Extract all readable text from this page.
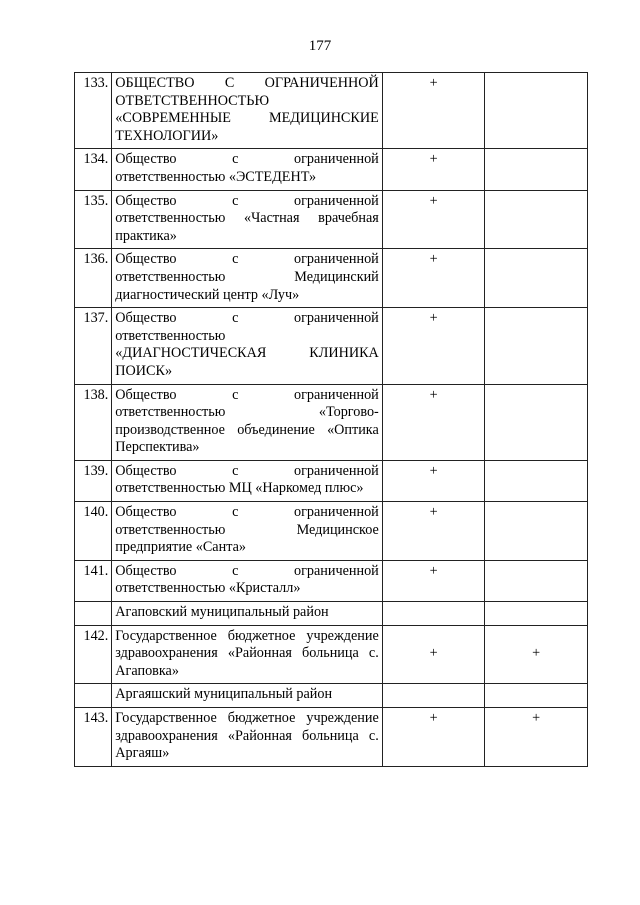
177
133.	ОБЩЕСТВО С ОГРАНИЧЕННОЙ ОТВЕТСТВЕННОСТЬЮ «СОВРЕМЕННЫЕ МЕДИЦИНСКИЕ ТЕХНОЛОГИИ»	+	
134.	Общество с ограниченной ответственностью «ЭСТЕДЕНТ»	+	
135.	Общество с ограниченной ответственностью «Частная врачебная практика»	+	
136.	Общество с ограниченной ответственностью Медицинский диагностический центр «Луч»	+	
137.	Общество с ограниченной ответственностью «ДИАГНОСТИЧЕСКАЯ КЛИНИКА ПОИСК»	+	
138.	Общество с ограниченной ответственностью «Торгово-производственное объединение «Оптика Перспектива»	+	
139.	Общество с ограниченной ответственностью МЦ «Наркомед плюс»	+	
140.	Общество с ограниченной ответственностью Медицинское предприятие «Санта»	+	
141.	Общество с ограниченной ответственностью «Кристалл»	+	
	Агаповский муниципальный район		
142.	Государственное бюджетное учреждение здравоохранения «Районная больница с. Агаповка»	+	+
	Аргаяшский муниципальный район		
143.	Государственное бюджетное учреждение здравоохранения «Районная больница с. Аргаяш»	+	+
